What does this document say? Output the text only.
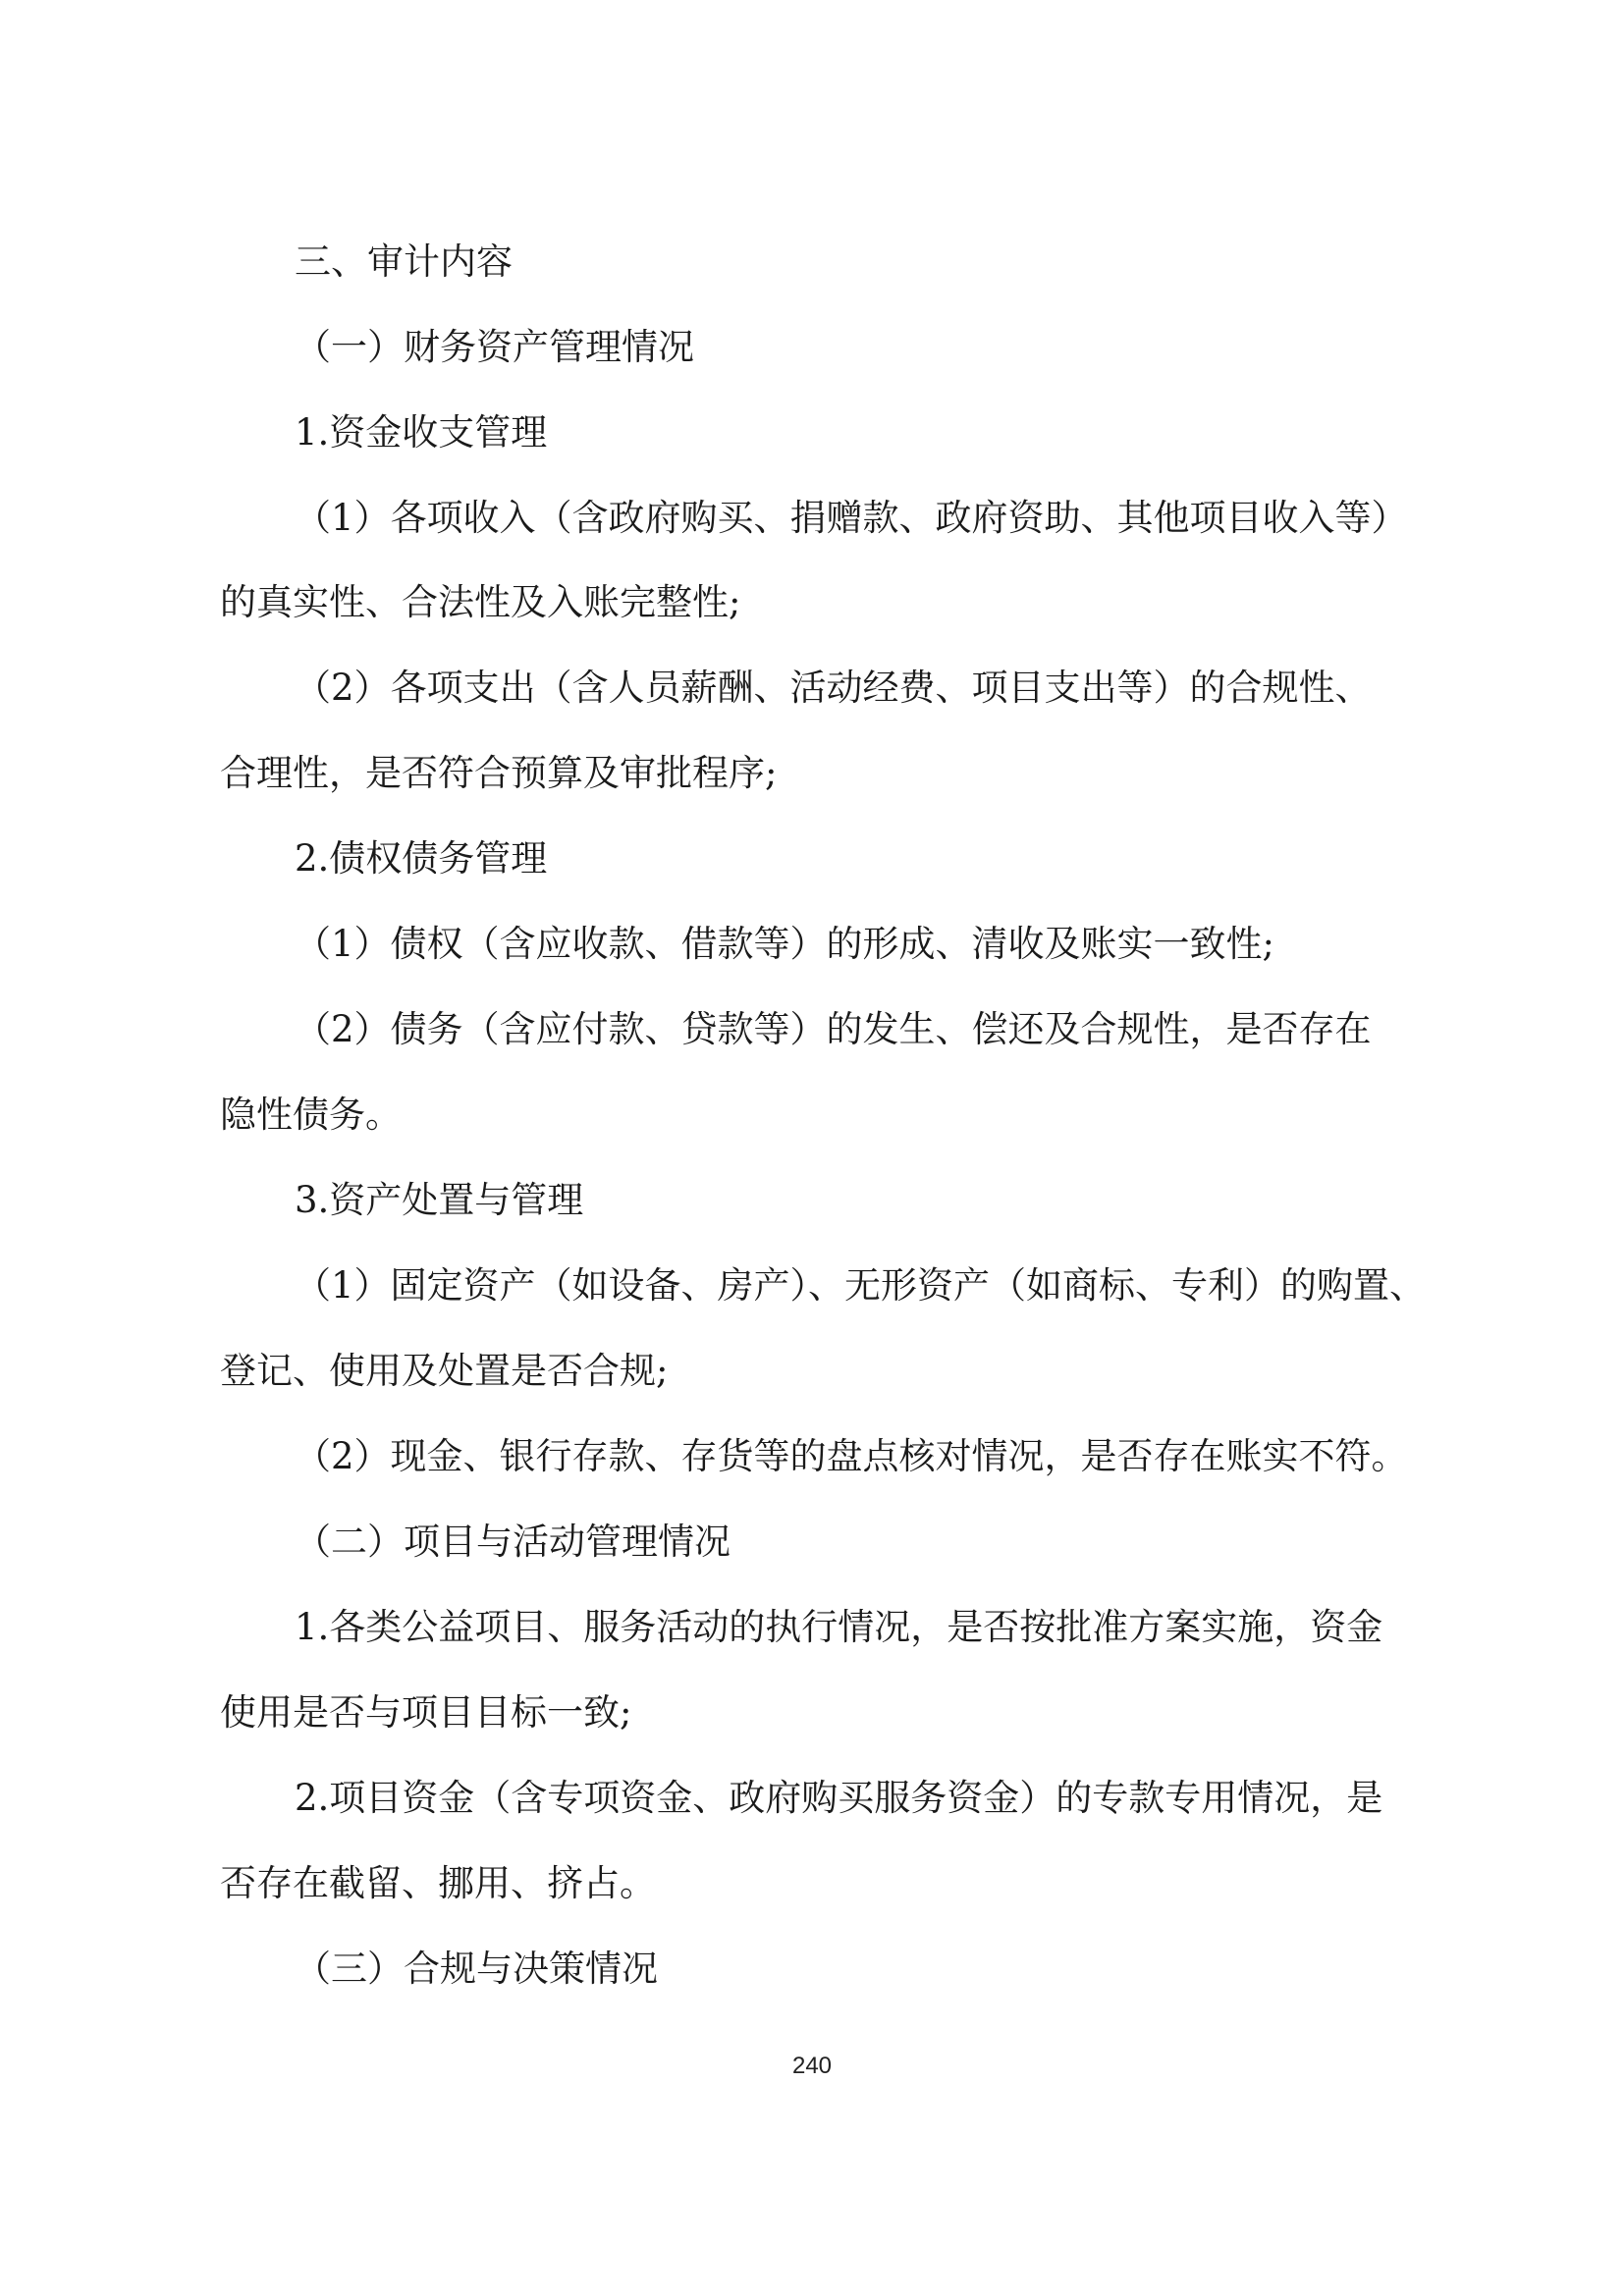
三、审计内容

（一）财务资产管理情况

1.资金收支管理

（1）各项收入（含政府购买、捐赠款、政府资助、其他项目收入等）

的真实性、合法性及入账完整性;

（2）各项支出（含人员薪酬、活动经费、项目支出等）的合规性、

合理性，是否符合预算及审批程序;

2.债权债务管理

（1）债权（含应收款、借款等）的形成、清收及账实一致性;

（2）债务（含应付款、贷款等）的发生、偿还及合规性，是否存在

隐性债务。

3.资产处置与管理

（1）固定资产（如设备、房产）、无形资产（如商标、专利）的购置、

登记、使用及处置是否合规;

（2）现金、银行存款、存货等的盘点核对情况，是否存在账实不符。

（二）项目与活动管理情况

1.各类公益项目、服务活动的执行情况，是否按批准方案实施，资金

使用是否与项目目标一致;

2.项目资金（含专项资金、政府购买服务资金）的专款专用情况，是

否存在截留、挪用、挤占。

（三）合规与决策情况

240
